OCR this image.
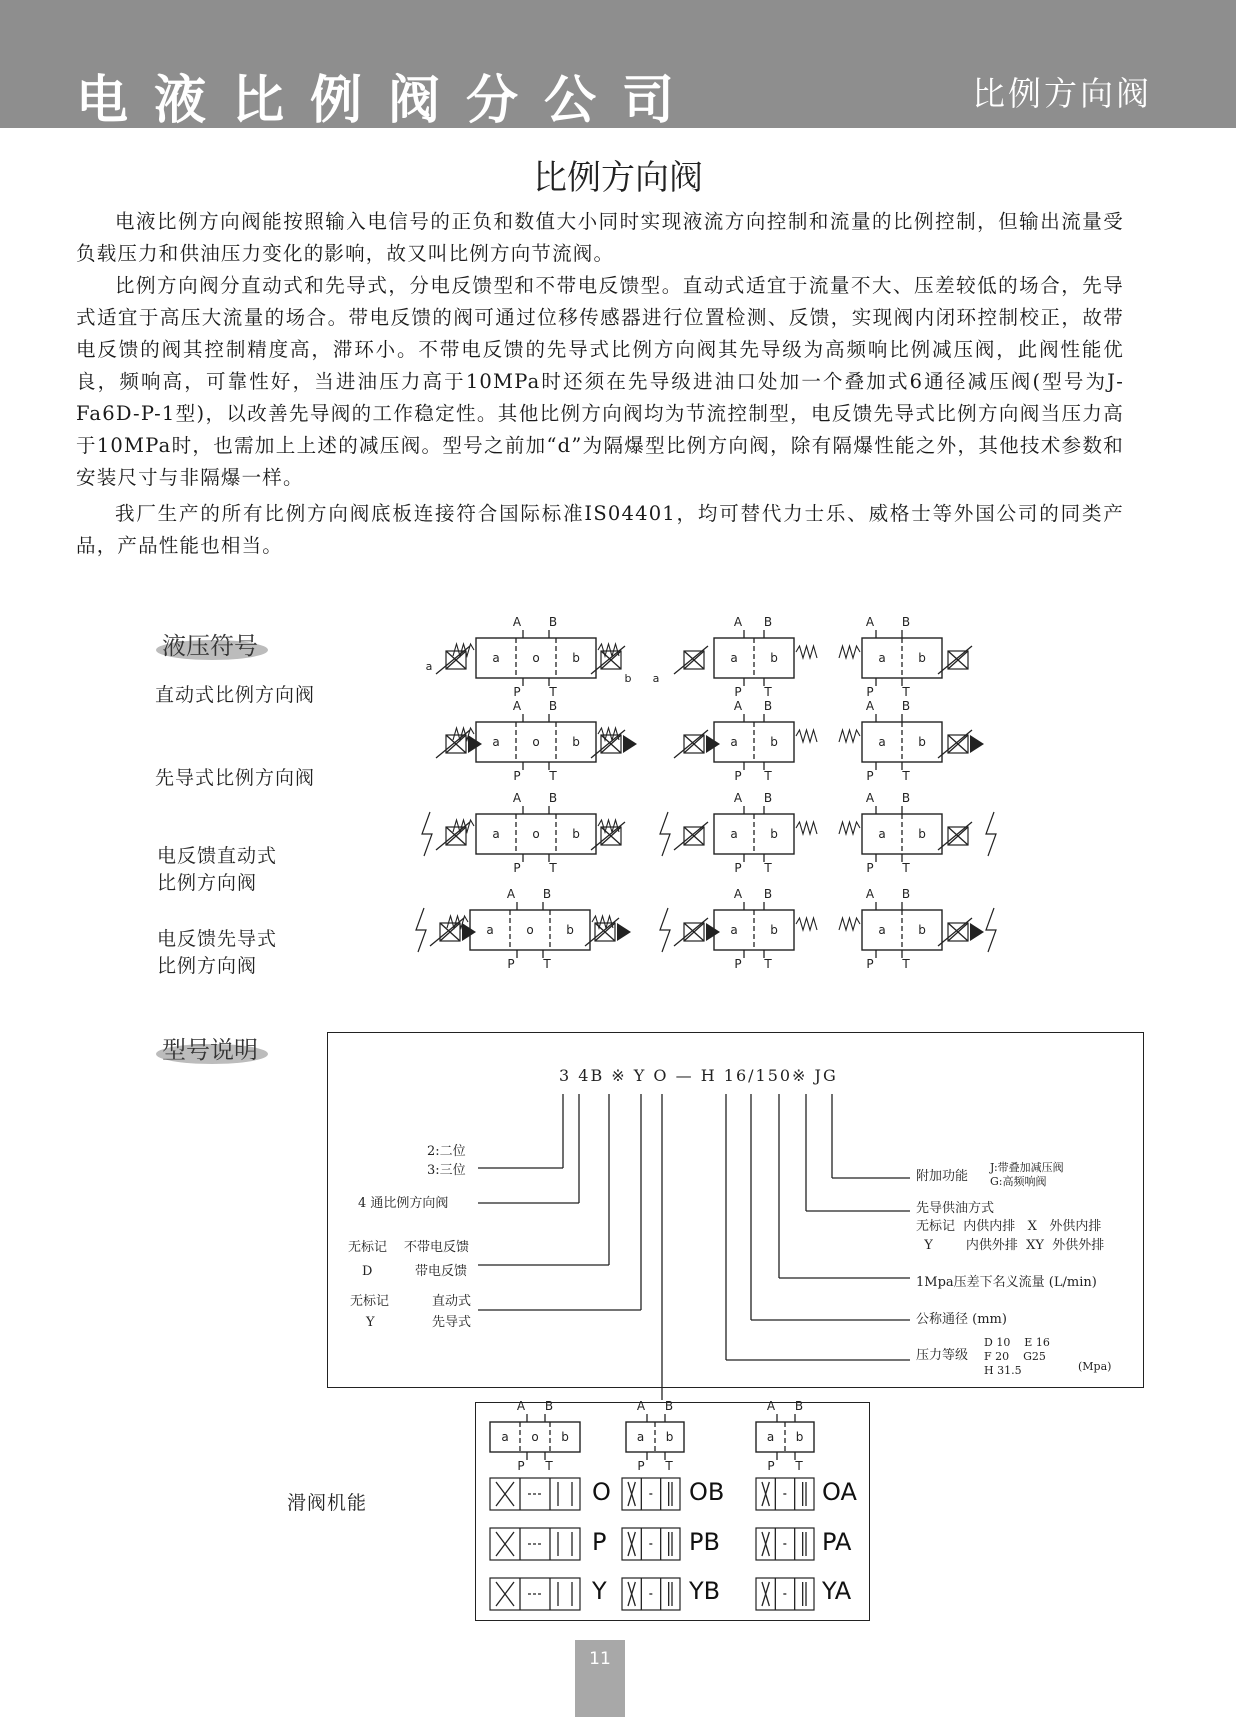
电液比例阀分公司	比例方向阀
比例方向阀

电液比例方向阀能按照输入电信号的正负和数值大小同时实现液流方向控制和流量的比例控制，但输出流量受负载压力和供油压力变化的影响，故又叫比例方向节流阀。

比例方向阀分直动式和先导式，分电反馈型和不带电反馈型。直动式适宜于流量不大、压差较低的场合，先导式适宜于高压大流量的场合。带电反馈的阀可通过位移传感器进行位置检测、反馈，实现阀内闭环控制校正，故带电反馈的阀其控制精度高，滞环小。不带电反馈的先导式比例方向阀其先导级为高频响比例减压阀，此阀性能优良，频响高，可靠性好，当进油压力高于10MPa时还须在先导级进油口处加一个叠加式6通径减压阀(型号为J-Fa6D-P-1型)，以改善先导阀的工作稳定性。其他比例方向阀均为节流控制型，电反馈先导式比例方向阀当压力高于10MPa时，也需加上上述的减压阀。型号之前加“d”为隔爆型比例方向阀，除有隔爆性能之外，其他技术参数和安装尺寸与非隔爆一样。

我厂生产的所有比例方向阀底板连接符合国际标准IS04401，均可替代力士乐、威格士等外国公司的同类产品，产品性能也相当。

液压符号
直动式比例方向阀
先导式比例方向阀
电反馈直动式
比例方向阀
电反馈先导式
比例方向阀
a	o	b
A B
P T
a
b
a	b
A B
P T
a
a	b
A B
P T
a	o	b
A B
P T
a	b
A B
P T
a	b
A B
P T
a	o	b
A B
P T
a	b
A B
P T
a	b
A B
P T
a	o	b
A B
P T
a	b
A B
P T
a	b
A B
P T
型号说明
3 4B ※ Y O — H 16/150※ JG
2:二位
3:三位
4 通比例方向阀
无标记 不带电反馈
D	带电反馈
无标记	直动式
Y	先导式
附加功能
J:带叠加减压阀
G:高频响阀
先导供油方式
无标记  内供内排   X   外供内排
Y        内供外排  XY  外供外排
1Mpa压差下名义流量 (L/min)
公称通径 (mm)
压力等级
D 10    E 16
F 20    G25
H 31.5	(Mpa)
a o b
A B
P T
a b
A B
P T
a b
A B
P T
滑阀机能	O	OB	OA
P	PB	PA
Y	YB	YA
11
